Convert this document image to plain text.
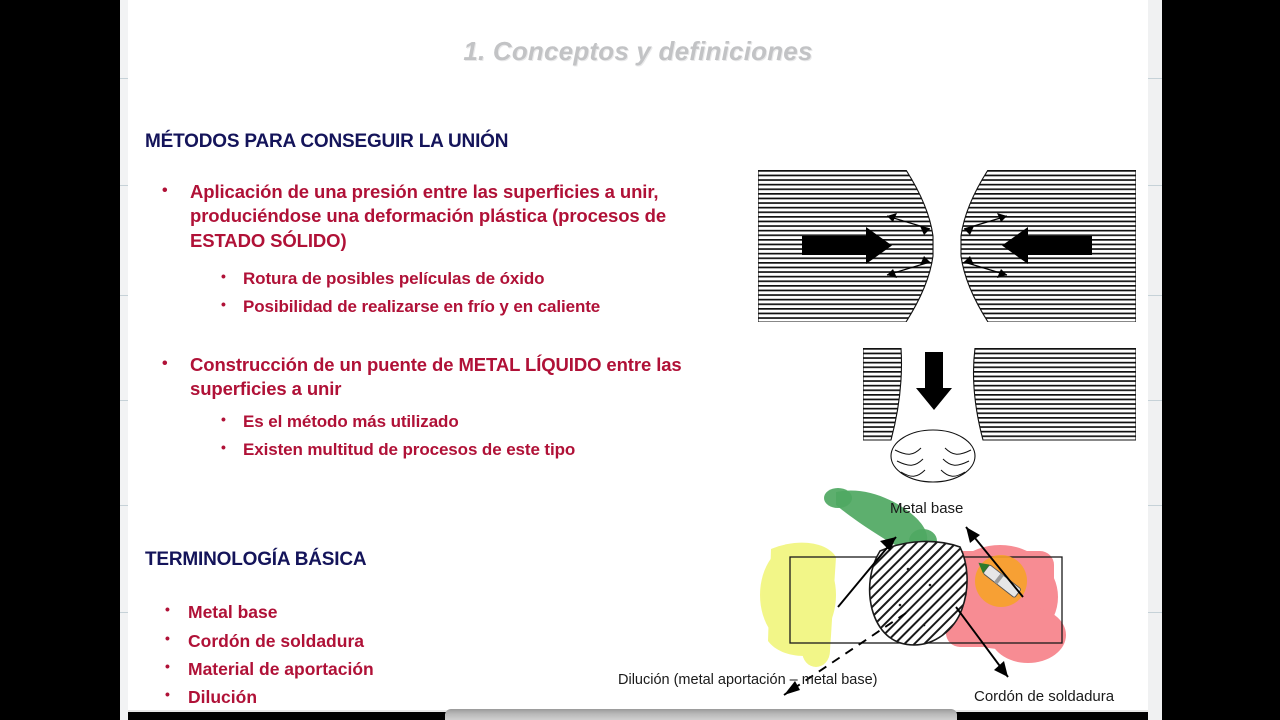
1. Conceptos y definiciones
MÉTODOS PARA CONSEGUIR LA UNIÓN
• Aplicación de una presión entre las superficies a unir, produciéndose una deformación plástica (procesos de ESTADO SÓLIDO)
• Rotura de posibles películas de óxido
• Posibilidad de realizarse en frío y en caliente
• Construcción de un puente de METAL LÍQUIDO entre las superficies a unir
• Es el método más utilizado
• Existen multitud de procesos de este tipo
TERMINOLOGÍA BÁSICA
• Metal base
• Cordón de soldadura
• Material de aportación
• Dilución
Metal base
Cordón de soldadura
Dilución (metal aportación – metal base)
